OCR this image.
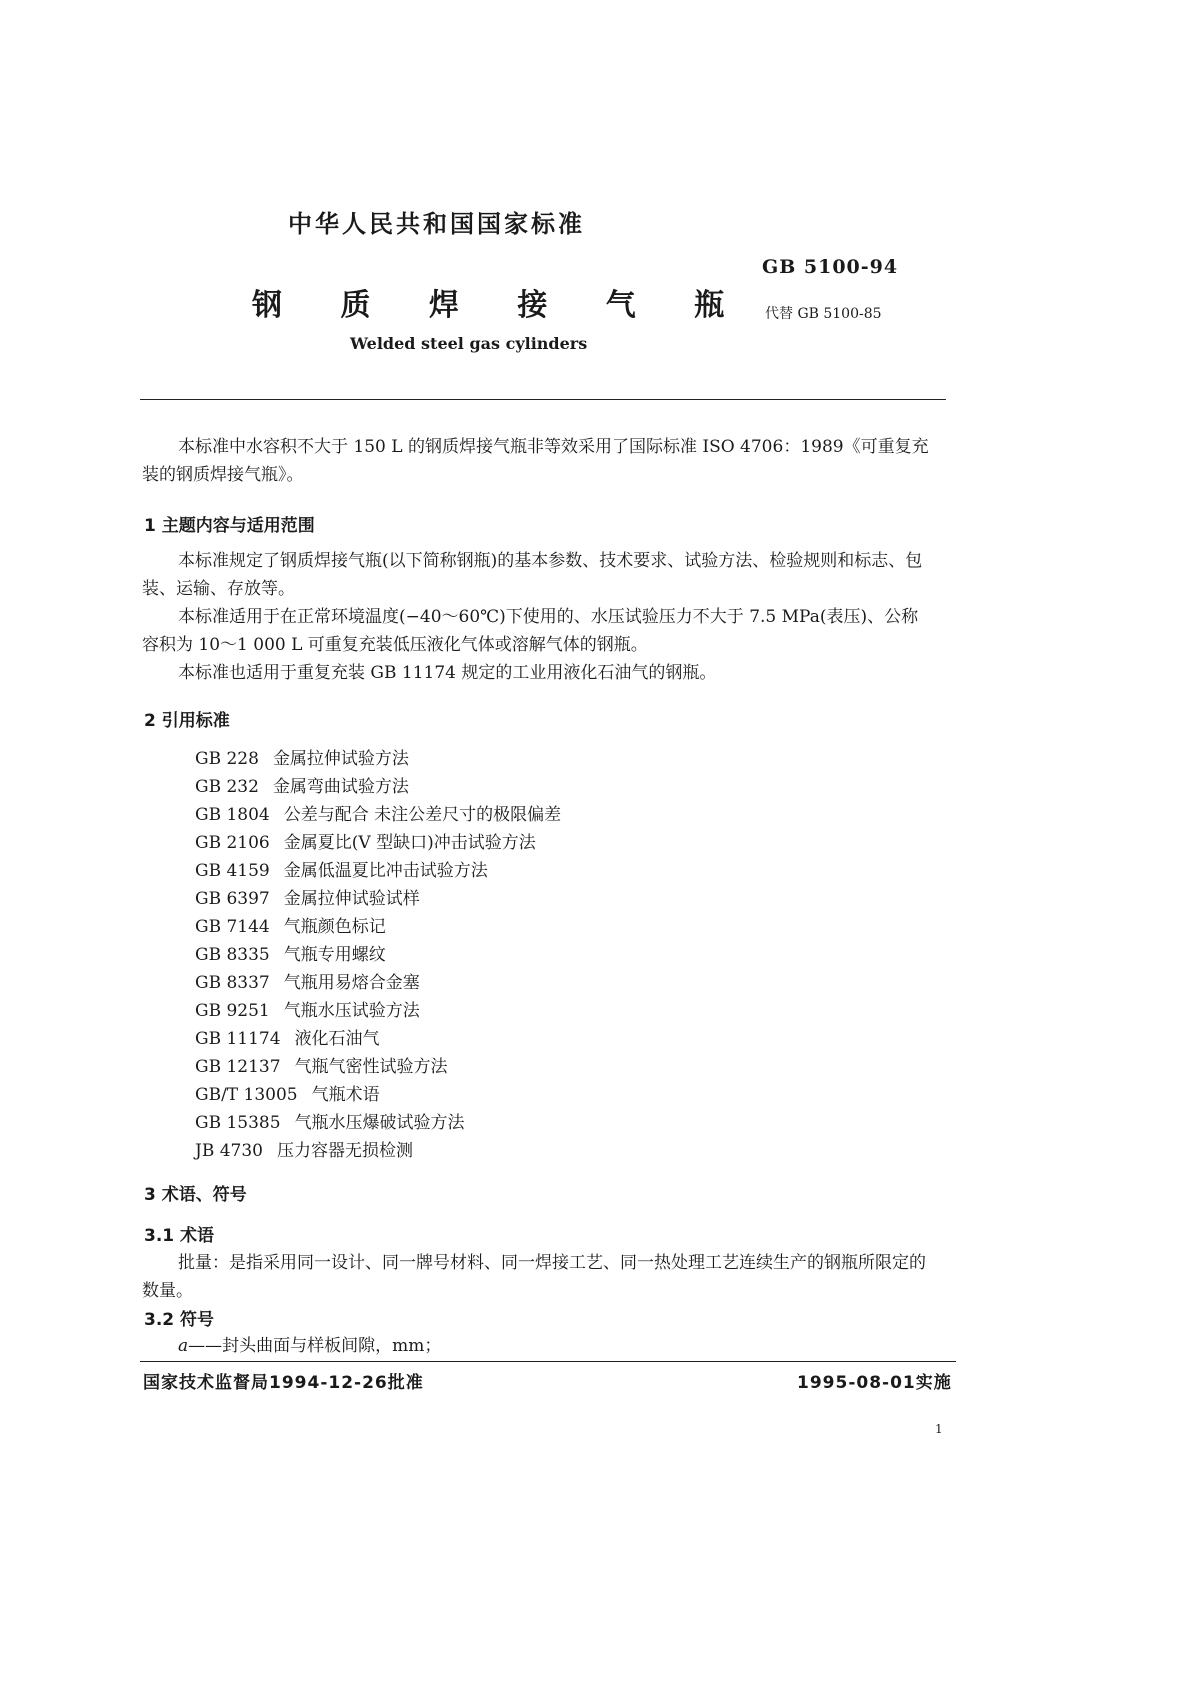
中华人民共和国国家标准
GB 5100-94
钢 质 焊 接 气 瓶 代替 GB 5100-85
Welded steel gas cylinders
本标准中水容积不大于 150 L 的钢质焊接气瓶非等效采用了国际标准 ISO 4706：1989《可重复充
装的钢质焊接气瓶》。
1 主题内容与适用范围
本标准规定了钢质焊接气瓶(以下简称钢瓶)的基本参数、技术要求、试验方法、检验规则和标志、包
装、运输、存放等。
本标准适用于在正常环境温度(−40～60℃)下使用的、水压试验压力不大于 7.5 MPa(表压)、公称
容积为 10～1 000 L 可重复充装低压液化气体或溶解气体的钢瓶。
本标准也适用于重复充装 GB 11174 规定的工业用液化石油气的钢瓶。
2 引用标准
GB 228 金属拉伸试验方法
GB 232 金属弯曲试验方法
GB 1804 公差与配合 未注公差尺寸的极限偏差
GB 2106 金属夏比(V 型缺口)冲击试验方法
GB 4159 金属低温夏比冲击试验方法
GB 6397 金属拉伸试验试样
GB 7144 气瓶颜色标记
GB 8335 气瓶专用螺纹
GB 8337 气瓶用易熔合金塞
GB 9251 气瓶水压试验方法
GB 11174 液化石油气
GB 12137 气瓶气密性试验方法
GB/T 13005 气瓶术语
GB 15385 气瓶水压爆破试验方法
JB 4730 压力容器无损检测
3 术语、符号
3.1 术语
批量：是指采用同一设计、同一牌号材料、同一焊接工艺、同一热处理工艺连续生产的钢瓶所限定的
数量。
3.2 符号
a——封头曲面与样板间隙，mm；
国家技术监督局1994-12-26批准	1995-08-01实施
1
